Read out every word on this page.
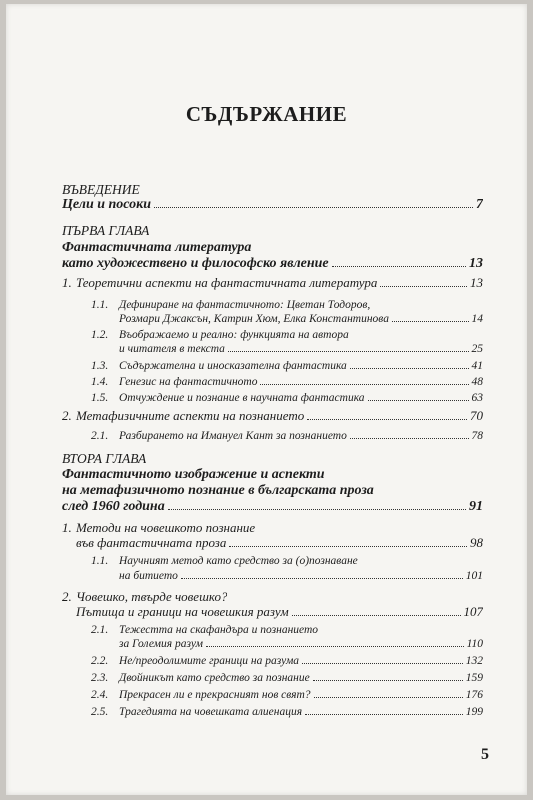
СЪДЪРЖАНИЕ
ВЪВЕДЕНИЕ
Цели и посоки	7
ПЪРВА ГЛАВА
Фантастичната литература
като художествено и философско явление	13
1. Теоретични аспекти на фантастичната литература	13
1.1. Дефиниране на фантастичното: Цветан Тодоров,
Розмари Джаксън, Катрин Хюм, Елка Константинова	14
1.2. Въображаемо и реално: функцията на автора
и читателя в текста	25
1.3. Съдържателна и иносказателна фантастика	41
1.4. Генезис на фантастичното	48
1.5. Отчуждение и познание в научната фантастика	63
2. Метафизичните аспекти на познанието	70
2.1. Разбирането на Имануел Кант за познанието	78
ВТОРА ГЛАВА
Фантастичното изображение и аспекти
на метафизичното познание в българската проза
след 1960 година	91
1. Методи на човешкото познание
във фантастичната проза	98
1.1. Научният метод като средство за (о)познаване
на битието	101
2. Човешко, твърде човешко?
Пътища и граници на човешкия разум	107
2.1. Тежестта на скафандъра и познанието
за Големия разум	110
2.2. Не/преодолимите граници на разума	132
2.3. Двойникът като средство за познание	159
2.4. Прекрасен ли е прекрасният нов свят?	176
2.5. Трагедията на човешката алиенация	199
5
